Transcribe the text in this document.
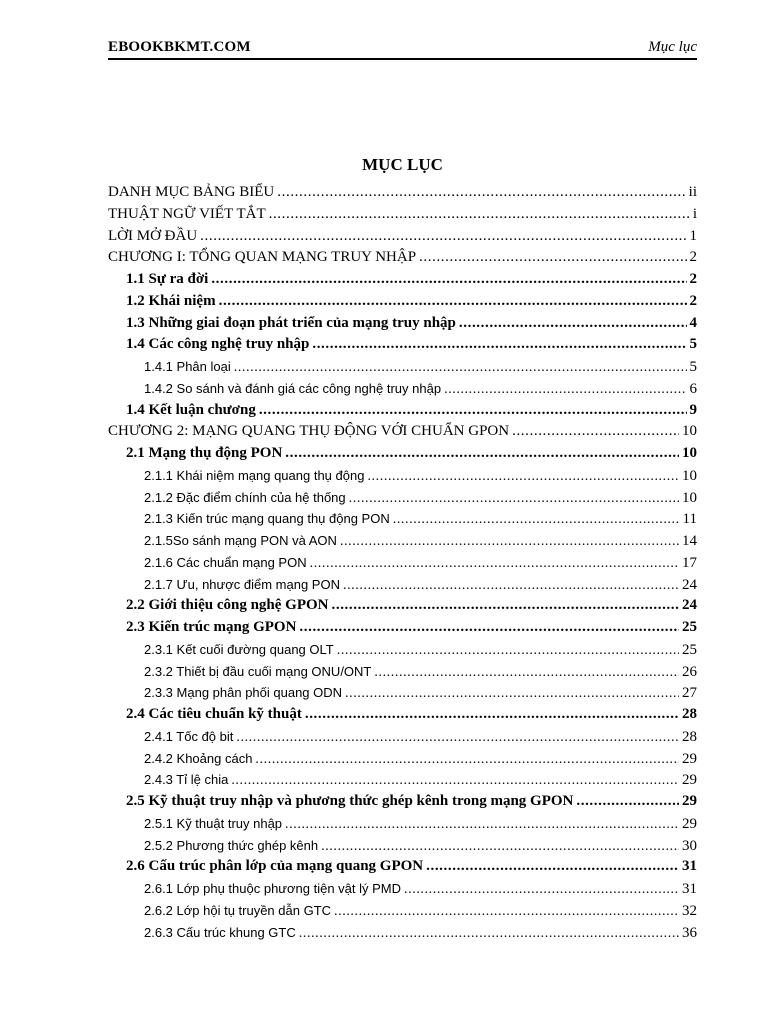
EBOOKBKMT.COM	Mục lục
MỤC LỤC
DANH MỤC BẢNG BIỂU .....	ii
THUẬT NGỮ VIẾT TẮT .....	i
LỜI MỞ ĐẦU .....	1
CHƯƠNG I: TỔNG QUAN MẠNG TRUY NHẬP .....	2
1.1 Sự ra đời .....	2
1.2 Khái niệm .....	2
1.3 Những giai đoạn phát triển của mạng truy nhập .....	4
1.4 Các công nghệ truy nhập .....	5
1.4.1 Phân loại .....	5
1.4.2 So sánh và đánh giá các công nghệ truy nhập .....	6
1.4 Kết luận chương .....	9
CHƯƠNG 2: MẠNG QUANG THỤ ĐỘNG VỚI CHUẨN GPON .....	10
2.1 Mạng thụ động PON .....	10
2.1.1 Khái niệm mạng quang thụ động .....	10
2.1.2 Đặc điểm chính của hệ thống .....	10
2.1.3 Kiến trúc mạng quang thụ động PON .....	11
2.1.5So sánh mạng PON và AON .....	14
2.1.6 Các chuẩn mạng PON .....	17
2.1.7 Ưu, nhược điểm mạng PON .....	24
2.2 Giới thiệu công nghệ GPON .....	24
2.3 Kiến trúc mạng GPON .....	25
2.3.1 Kết cuối đường quang OLT .....	25
2.3.2 Thiết bị đầu cuối mạng ONU/ONT .....	26
2.3.3 Mạng phân phối quang ODN .....	27
2.4 Các tiêu chuẩn kỹ thuật .....	28
2.4.1 Tốc độ bit .....	28
2.4.2 Khoảng cách .....	29
2.4.3 Tỉ lệ chia .....	29
2.5 Kỹ thuật truy nhập và phương thức ghép kênh trong mạng GPON .....	29
2.5.1 Kỹ thuật truy nhập .....	29
2.5.2 Phương thức ghép kênh .....	30
2.6 Cấu trúc phân lớp của mạng quang GPON .....	31
2.6.1 Lớp phụ thuộc phương tiện vật lý PMD .....	31
2.6.2 Lớp hội tụ truyền dẫn GTC .....	32
2.6.3 Cấu trúc khung GTC .....	36
